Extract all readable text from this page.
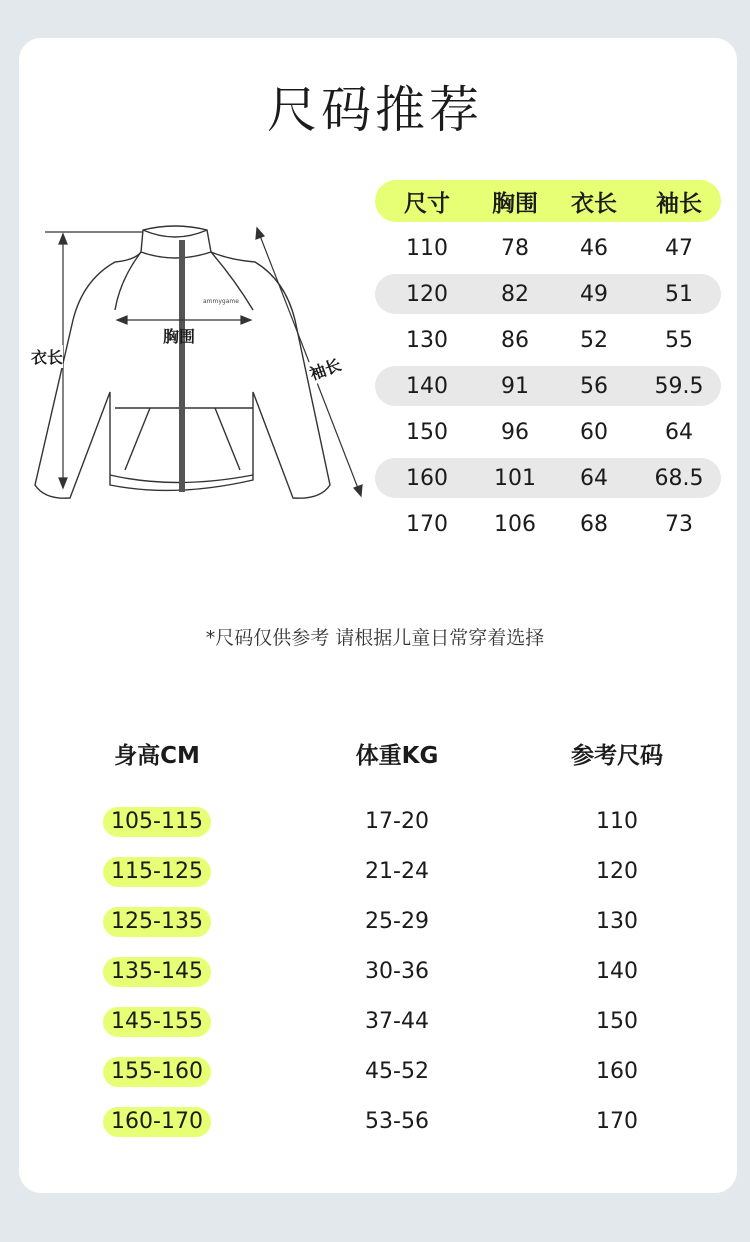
尺码推荐
衣长
胸围
袖长
ammygame
尺寸	胸围	衣长	袖长
110	78	46	47
120	82	49	51
130	86	52	55
140	91	56	59.5
150	96	60	64
160	101	64	68.5
170	106	68	73
*尺码仅供参考 请根据儿童日常穿着选择
身高CM	体重KG	参考尺码
105-115	17-20	110
115-125	21-24	120
125-135	25-29	130
135-145	30-36	140
145-155	37-44	150
155-160	45-52	160
160-170	53-56	170
